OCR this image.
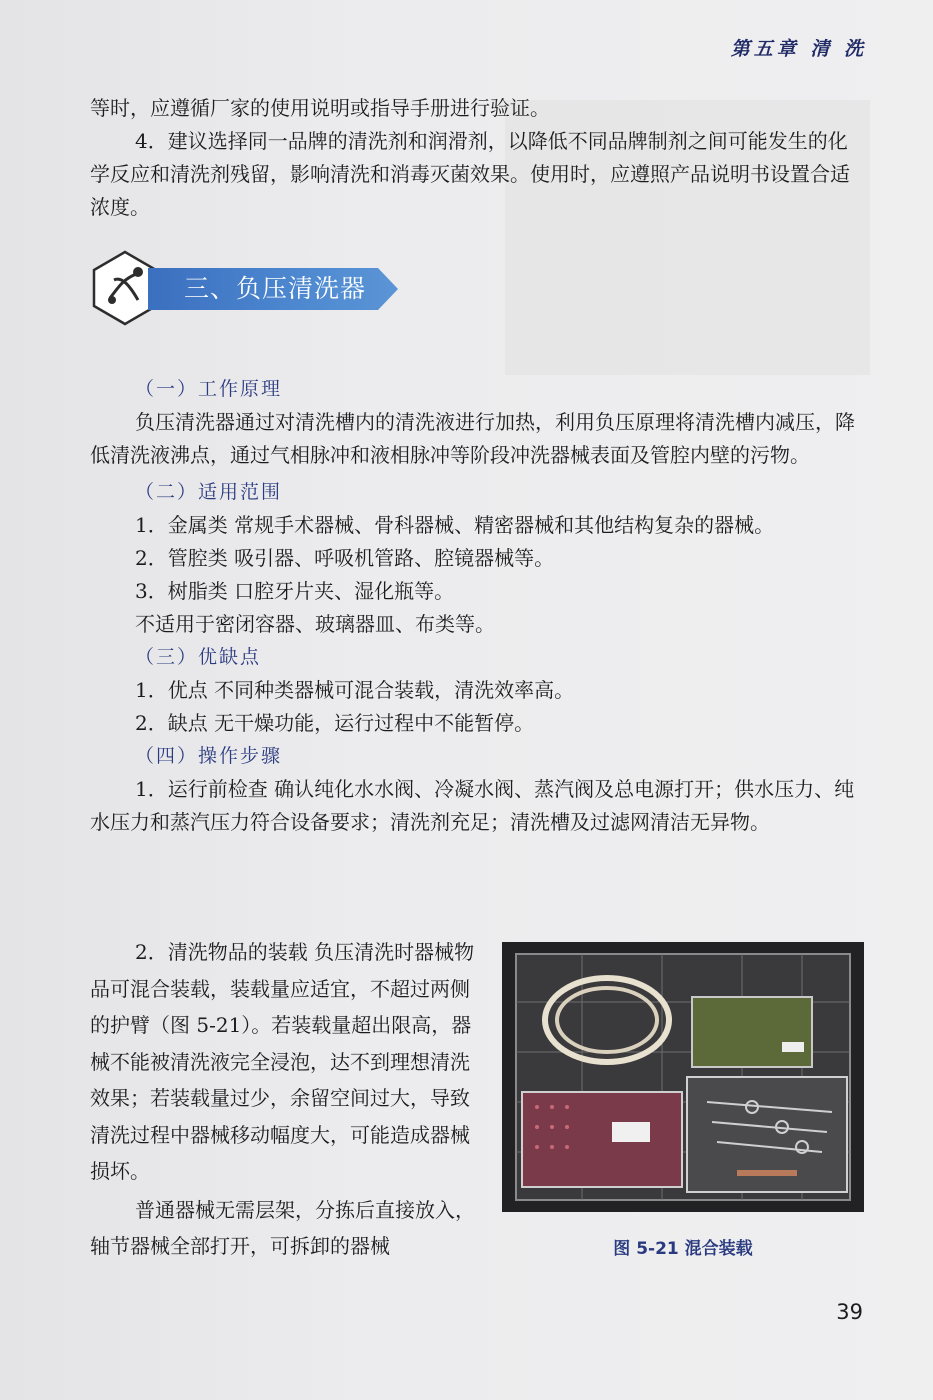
第五章 清 洗

等时，应遵循厂家的使用说明或指导手册进行验证。

4．建议选择同一品牌的清洗剂和润滑剂，以降低不同品牌制剂之间可能发生的化学反应和清洗剂残留，影响清洗和消毒灭菌效果。使用时，应遵照产品说明书设置合适浓度。

三、负压清洗器

（一）工作原理

负压清洗器通过对清洗槽内的清洗液进行加热，利用负压原理将清洗槽内减压，降低清洗液沸点，通过气相脉冲和液相脉冲等阶段冲洗器械表面及管腔内壁的污物。

（二）适用范围

1．金属类 常规手术器械、骨科器械、精密器械和其他结构复杂的器械。

2．管腔类 吸引器、呼吸机管路、腔镜器械等。

3．树脂类 口腔牙片夹、湿化瓶等。

不适用于密闭容器、玻璃器皿、布类等。

（三）优缺点

1．优点 不同种类器械可混合装载，清洗效率高。

2．缺点 无干燥功能，运行过程中不能暂停。

（四）操作步骤

1．运行前检查 确认纯化水水阀、冷凝水阀、蒸汽阀及总电源打开；供水压力、纯水压力和蒸汽压力符合设备要求；清洗剂充足；清洗槽及过滤网清洁无异物。

2．清洗物品的装载 负压清洗时器械物品可混合装载，装载量应适宜，不超过两侧的护臂（图 5-21）。若装载量超出限高，器械不能被清洗液完全浸泡，达不到理想清洗效果；若装载量过少，余留空间过大，导致清洗过程中器械移动幅度大，可能造成器械损坏。

普通器械无需层架，分拣后直接放入，轴节器械全部打开，可拆卸的器械	图 5-21 混合装载
39
